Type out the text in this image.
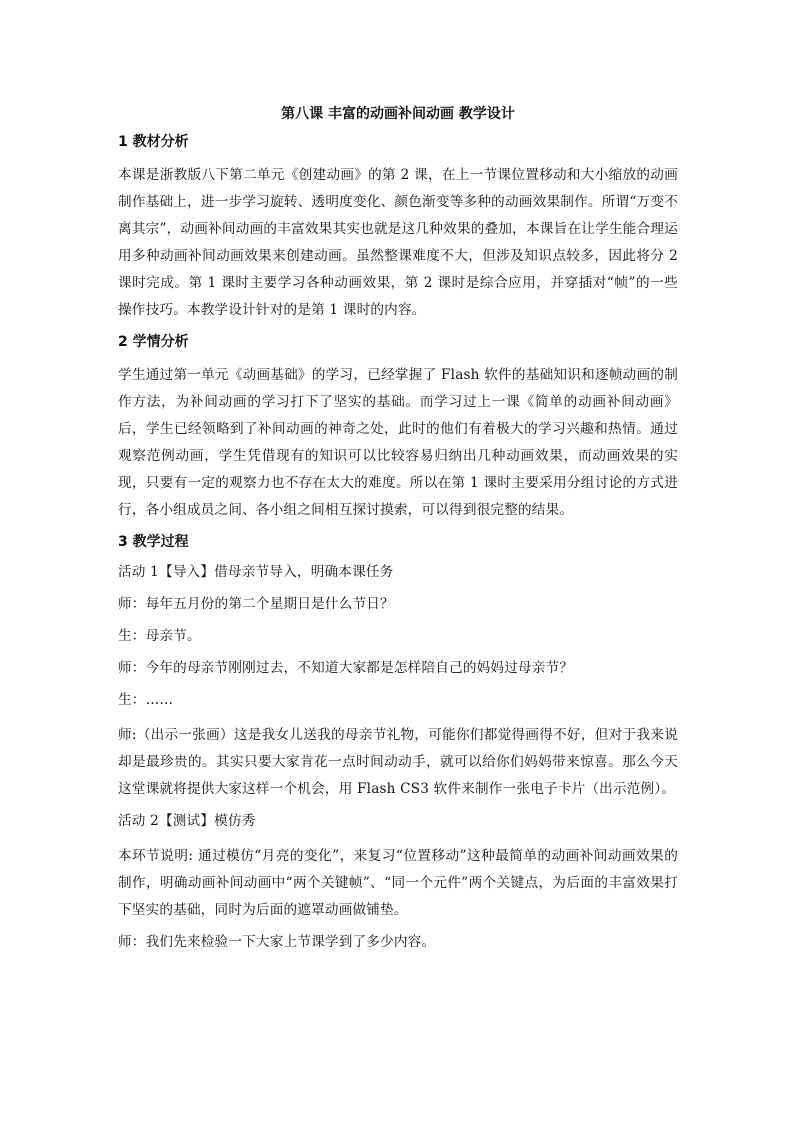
第八课 丰富的动画补间动画 教学设计
1 教材分析
本课是浙教版八下第二单元《创建动画》的第 2 课，在上一节课位置移动和大小缩放的动画制作基础上，进一步学习旋转、透明度变化、颜色渐变等多种的动画效果制作。所谓“万变不离其宗”，动画补间动画的丰富效果其实也就是这几种效果的叠加，本课旨在让学生能合理运用多种动画补间动画效果来创建动画。虽然整课难度不大，但涉及知识点较多，因此将分 2 课时完成。第 1 课时主要学习各种动画效果，第 2 课时是综合应用，并穿插对“帧”的一些操作技巧。本教学设计针对的是第 1 课时的内容。
2 学情分析
学生通过第一单元《动画基础》的学习，已经掌握了 Flash 软件的基础知识和逐帧动画的制作方法，为补间动画的学习打下了坚实的基础。而学习过上一课《简单的动画补间动画》后，学生已经领略到了补间动画的神奇之处，此时的他们有着极大的学习兴趣和热情。通过观察范例动画，学生凭借现有的知识可以比较容易归纳出几种动画效果，而动画效果的实现，只要有一定的观察力也不存在太大的难度。所以在第 1 课时主要采用分组讨论的方式进行，各小组成员之间、各小组之间相互探讨摸索，可以得到很完整的结果。
3 教学过程
活动 1【导入】借母亲节导入，明确本课任务
师：每年五月份的第二个星期日是什么节日？
生：母亲节。
师：今年的母亲节刚刚过去，不知道大家都是怎样陪自己的妈妈过母亲节？
生：……
师:（出示一张画）这是我女儿送我的母亲节礼物，可能你们都觉得画得不好，但对于我来说却是最珍贵的。其实只要大家肯花一点时间动动手，就可以给你们妈妈带来惊喜。那么今天这堂课就将提供大家这样一个机会，用 Flash CS3 软件来制作一张电子卡片（出示范例）。
活动 2【测试】模仿秀
本环节说明: 通过模仿“月亮的变化”，来复习“位置移动”这种最简单的动画补间动画效果的制作，明确动画补间动画中“两个关键帧”、“同一个元件”两个关键点，为后面的丰富效果打下坚实的基础，同时为后面的遮罩动画做铺垫。
师：我们先来检验一下大家上节课学到了多少内容。
